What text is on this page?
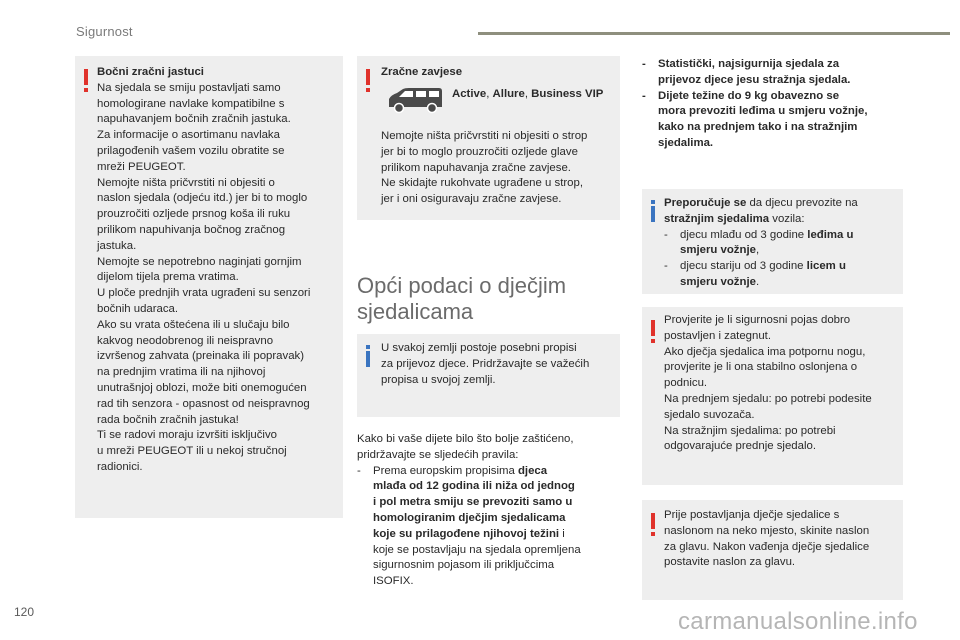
Sigurnost
Bočni zračni jastuci
Na sjedala se smiju postavljati samo
homologirane navlake kompatibilne s
napuhavanjem bočnih zračnih jastuka.
Za informacije o asortimanu navlaka
prilagođenih vašem vozilu obratite se
mreži PEUGEOT.
Nemojte ništa pričvrstiti ni objesiti o
naslon sjedala (odjeću itd.) jer bi to moglo
prouzročiti ozljede prsnog koša ili ruku
prilikom napuhivanja bočnog zračnog
jastuka.
Nemojte se nepotrebno naginjati gornjim
dijelom tijela prema vratima.
U ploče prednjih vrata ugrađeni su senzori
bočnih udaraca.
Ako su vrata oštećena ili u slučaju bilo
kakvog neodobrenog ili neispravno
izvršenog zahvata (preinaka ili popravak)
na prednjim vratima ili na njihovoj
unutrašnjoj oblozi, može biti onemogućen
rad tih senzora - opasnost od neispravnog
rada bočnih zračnih jastuka!
Ti se radovi moraju izvršiti isključivo
u mreži PEUGEOT ili u nekoj stručnoj
radionici.
Zračne zavjese
Nemojte ništa pričvrstiti ni objesiti o strop
jer bi to moglo prouzročiti ozljede glave
prilikom napuhavanja zračne zavjese.
Ne skidajte rukohvate ugrađene u strop,
jer i oni osiguravaju zračne zavjese.
Active, Allure, Business VIP
Opći podaci o dječjim
sjedalicama
U svakoj zemlji postoje posebni propisi
za prijevoz djece. Pridržavajte se važećih
propisa u svojoj zemlji.
Kako bi vaše dijete bilo što bolje zaštićeno,
pridržavajte se sljedećih pravila:
-	Prema europskim propisima djeca
mlađa od 12 godina ili niža od jednog
i pol metra smiju se prevoziti samo u
homologiranim dječjim sjedalicama
koje su prilagođene njihovoj težini i
koje se postavljaju na sjedala opremljena
sigurnosnim pojasom ili priključcima
ISOFIX.
-	Statistički, najsigurnija sjedala za
prijevoz djece jesu stražnja sjedala.
-	Dijete težine do 9 kg obavezno se
mora prevoziti leđima u smjeru vožnje,
kako na prednjem tako i na stražnjim
sjedalima.
Preporučuje se da djecu prevozite na
stražnjim sjedalima vozila:
-	djecu mlađu od 3 godine leđima u
smjeru vožnje,
-	djecu stariju od 3 godine licem u
smjeru vožnje.
Provjerite je li sigurnosni pojas dobro
postavljen i zategnut.
Ako dječja sjedalica ima potpornu nogu,
provjerite je li ona stabilno oslonjena o
podnicu.
Na prednjem sjedalu: po potrebi podesite
sjedalo suvozača.
Na stražnjim sjedalima: po potrebi
odgovarajuće prednje sjedalo.
Prije postavljanja dječje sjedalice s
naslonom na neko mjesto, skinite naslon
za glavu. Nakon vađenja dječje sjedalice
postavite naslon za glavu.
120	carmanualsonline.info
